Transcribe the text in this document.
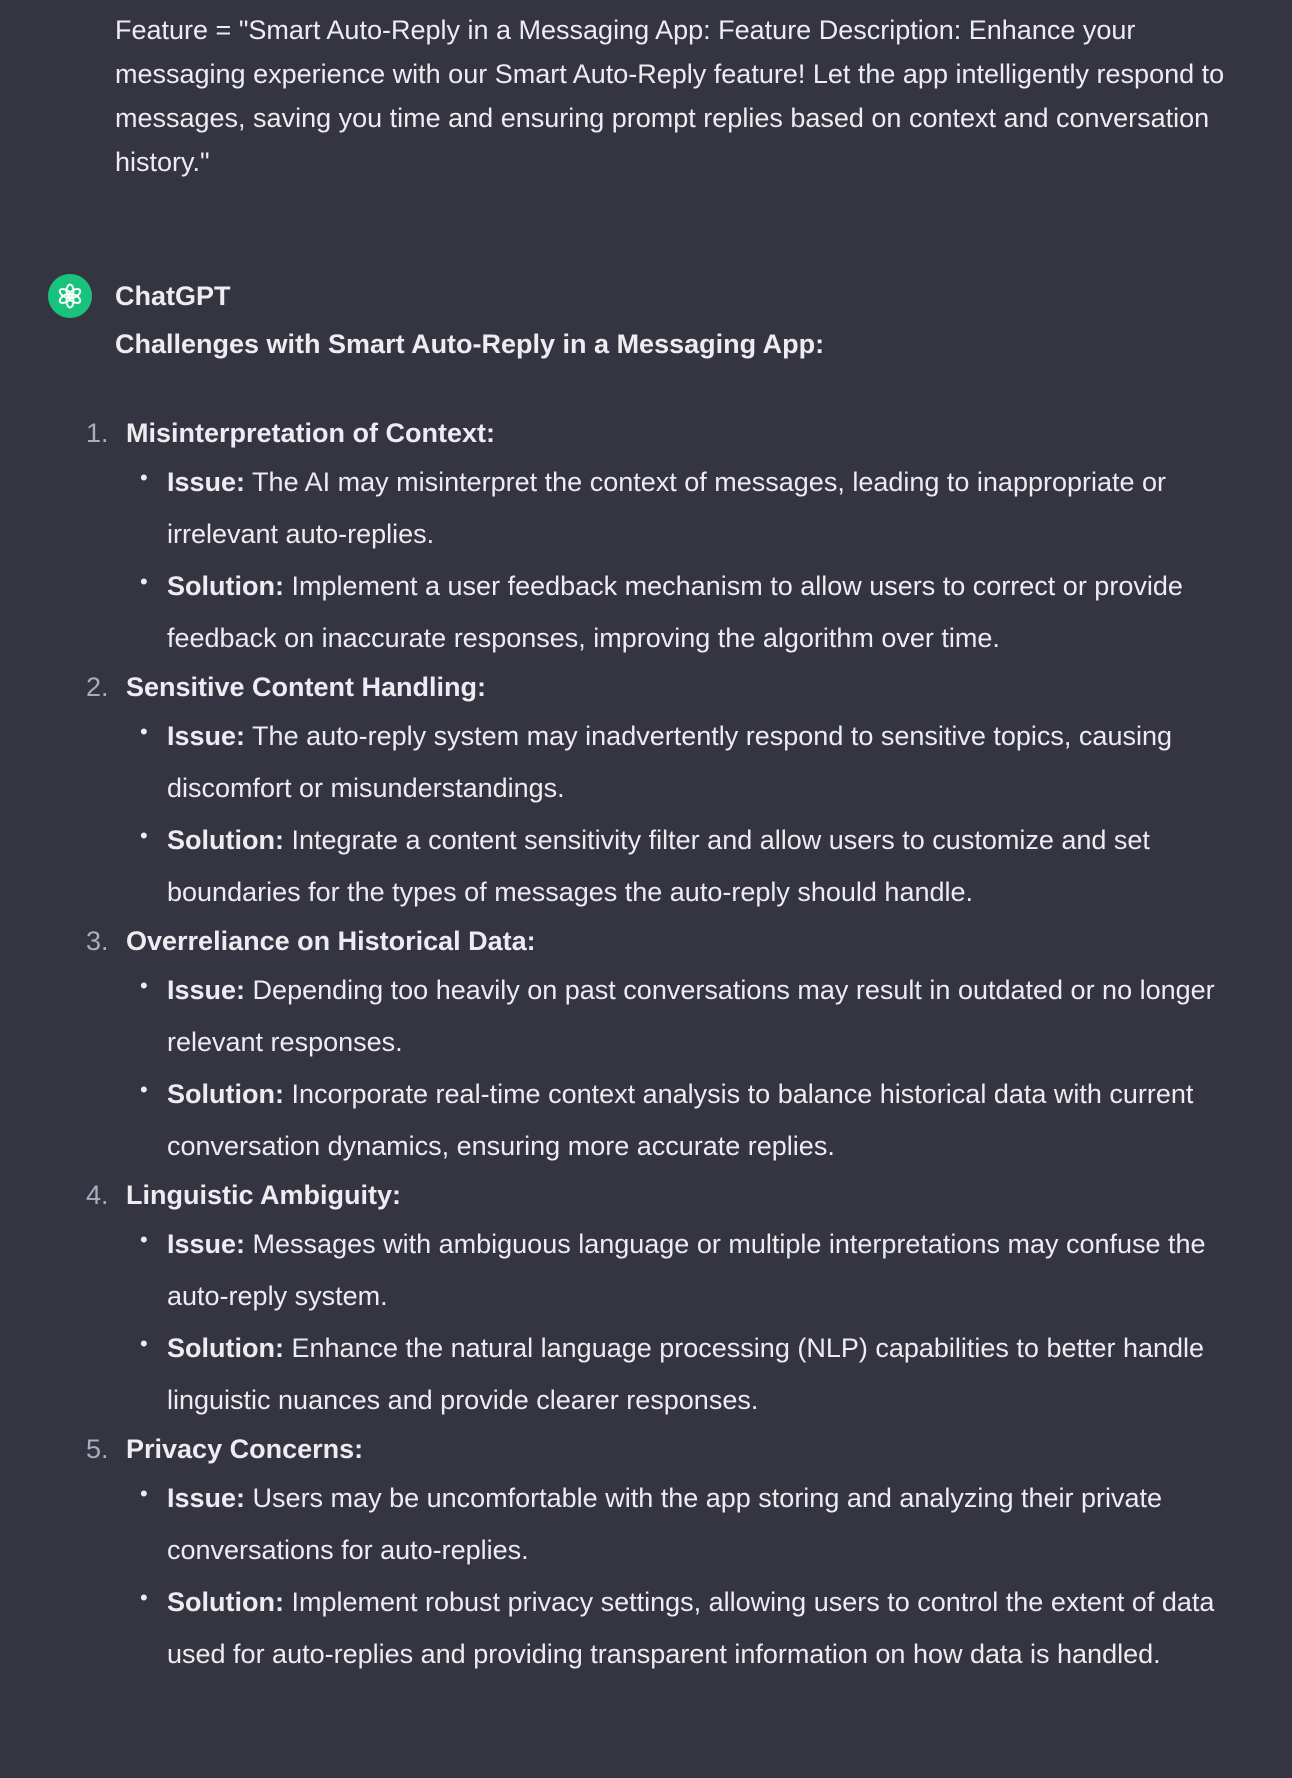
Feature = "Smart Auto-Reply in a Messaging App: Feature Description: Enhance your messaging experience with our Smart Auto-Reply feature! Let the app intelligently respond to messages, saving you time and ensuring prompt replies based on context and conversation history."

ChatGPT

Challenges with Smart Auto-Reply in a Messaging App:

1. Misinterpretation of Context:
• Issue: The AI may misinterpret the context of messages, leading to inappropriate or irrelevant auto-replies.
• Solution: Implement a user feedback mechanism to allow users to correct or provide feedback on inaccurate responses, improving the algorithm over time.
2. Sensitive Content Handling:
• Issue: The auto-reply system may inadvertently respond to sensitive topics, causing discomfort or misunderstandings.
• Solution: Integrate a content sensitivity filter and allow users to customize and set boundaries for the types of messages the auto-reply should handle.
3. Overreliance on Historical Data:
• Issue: Depending too heavily on past conversations may result in outdated or no longer relevant responses.
• Solution: Incorporate real-time context analysis to balance historical data with current conversation dynamics, ensuring more accurate replies.
4. Linguistic Ambiguity:
• Issue: Messages with ambiguous language or multiple interpretations may confuse the auto-reply system.
• Solution: Enhance the natural language processing (NLP) capabilities to better handle linguistic nuances and provide clearer responses.
5. Privacy Concerns:
• Issue: Users may be uncomfortable with the app storing and analyzing their private conversations for auto-replies.
• Solution: Implement robust privacy settings, allowing users to control the extent of data used for auto-replies and providing transparent information on how data is handled.
